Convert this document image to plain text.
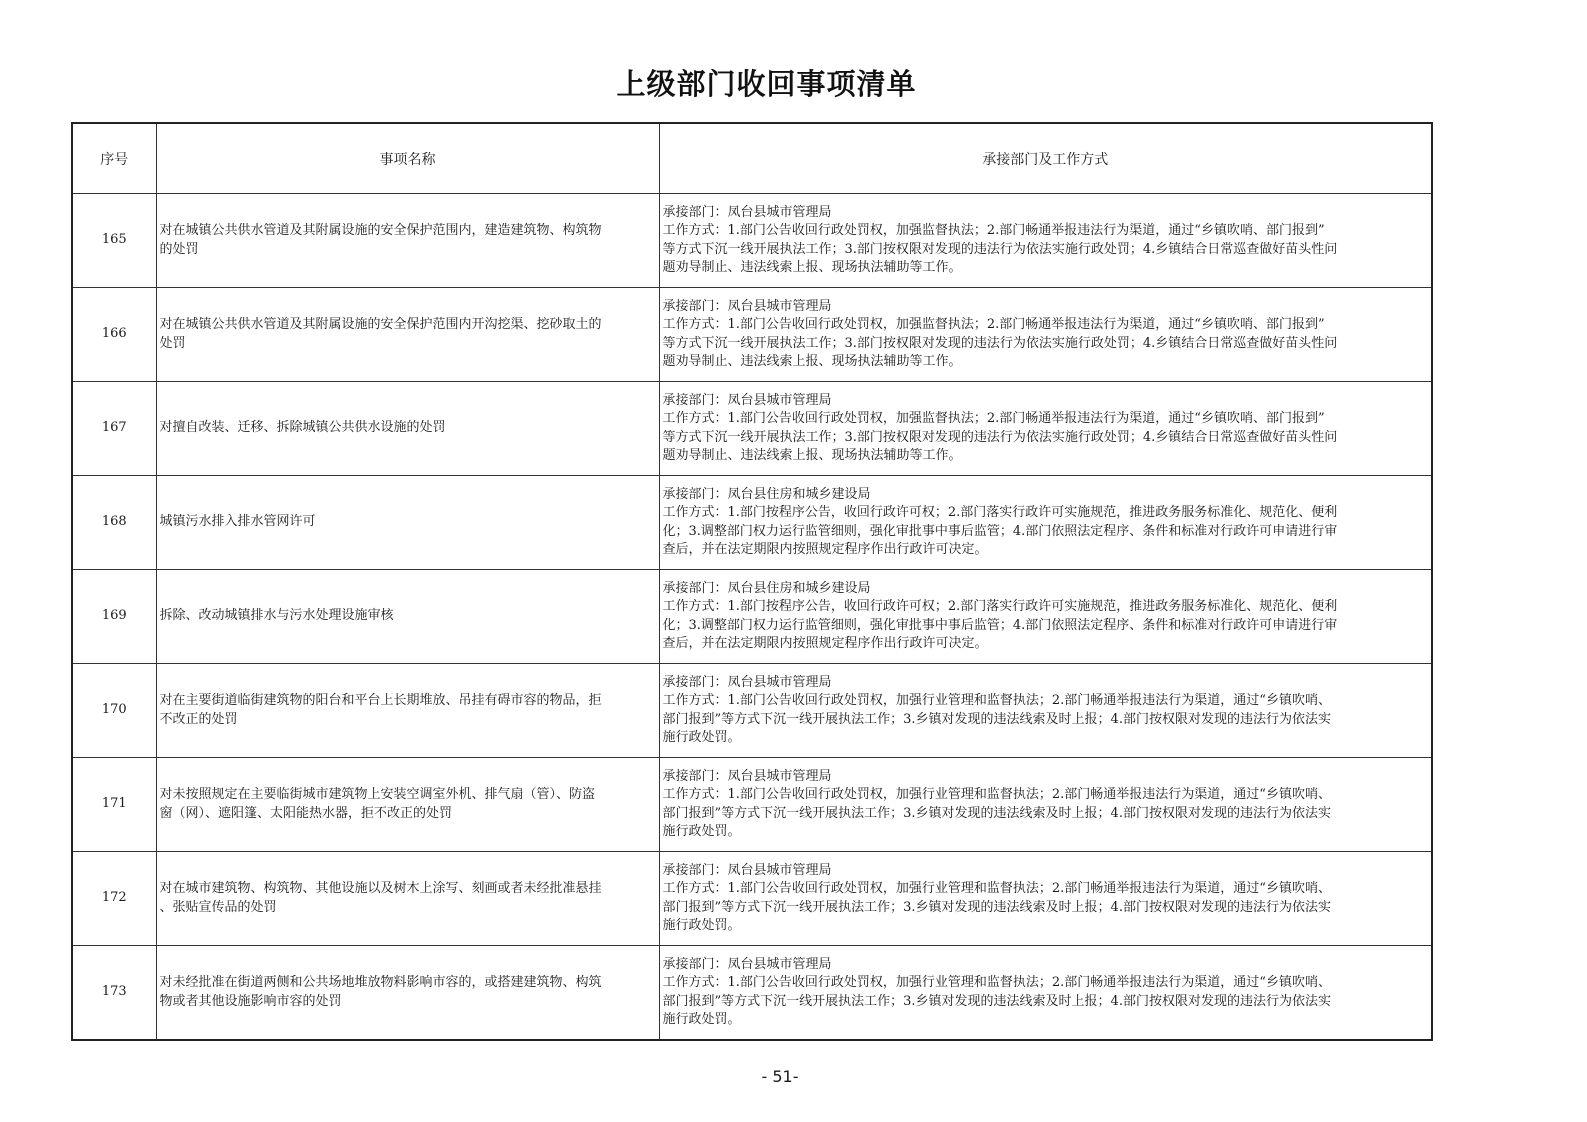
上级部门收回事项清单
序号	事项名称	承接部门及工作方式
165	对在城镇公共供水管道及其附属设施的安全保护范围内，建造建筑物、构筑物
的处罚	承接部门：凤台县城市管理局
工作方式：1.部门公告收回行政处罚权，加强监督执法；2.部门畅通举报违法行为渠道，通过“乡镇吹哨、部门报到”
等方式下沉一线开展执法工作；3.部门按权限对发现的违法行为依法实施行政处罚；4.乡镇结合日常巡查做好苗头性问
题劝导制止、违法线索上报、现场执法辅助等工作。

166	对在城镇公共供水管道及其附属设施的安全保护范围内开沟挖渠、挖砂取土的
处罚	承接部门：凤台县城市管理局
工作方式：1.部门公告收回行政处罚权，加强监督执法；2.部门畅通举报违法行为渠道，通过“乡镇吹哨、部门报到”
等方式下沉一线开展执法工作；3.部门按权限对发现的违法行为依法实施行政处罚；4.乡镇结合日常巡查做好苗头性问
题劝导制止、违法线索上报、现场执法辅助等工作。

167	对擅自改装、迁移、拆除城镇公共供水设施的处罚	承接部门：凤台县城市管理局
工作方式：1.部门公告收回行政处罚权，加强监督执法；2.部门畅通举报违法行为渠道，通过“乡镇吹哨、部门报到”
等方式下沉一线开展执法工作；3.部门按权限对发现的违法行为依法实施行政处罚；4.乡镇结合日常巡查做好苗头性问
题劝导制止、违法线索上报、现场执法辅助等工作。

168	城镇污水排入排水管网许可	承接部门：凤台县住房和城乡建设局
工作方式：1.部门按程序公告，收回行政许可权；2.部门落实行政许可实施规范，推进政务服务标准化、规范化、便利
化；3.调整部门权力运行监管细则，强化审批事中事后监管；4.部门依照法定程序、条件和标准对行政许可申请进行审
查后，并在法定期限内按照规定程序作出行政许可决定。

169	拆除、改动城镇排水与污水处理设施审核	承接部门：凤台县住房和城乡建设局
工作方式：1.部门按程序公告，收回行政许可权；2.部门落实行政许可实施规范，推进政务服务标准化、规范化、便利
化；3.调整部门权力运行监管细则，强化审批事中事后监管；4.部门依照法定程序、条件和标准对行政许可申请进行审
查后，并在法定期限内按照规定程序作出行政许可决定。

170	对在主要街道临街建筑物的阳台和平台上长期堆放、吊挂有碍市容的物品，拒
不改正的处罚	承接部门：凤台县城市管理局
工作方式：1.部门公告收回行政处罚权，加强行业管理和监督执法；2.部门畅通举报违法行为渠道，通过“乡镇吹哨、
部门报到”等方式下沉一线开展执法工作；3.乡镇对发现的违法线索及时上报；4.部门按权限对发现的违法行为依法实
施行政处罚。

171	对未按照规定在主要临街城市建筑物上安装空调室外机、排气扇（管）、防盗
窗（网）、遮阳篷、太阳能热水器，拒不改正的处罚	承接部门：凤台县城市管理局
工作方式：1.部门公告收回行政处罚权，加强行业管理和监督执法；2.部门畅通举报违法行为渠道，通过“乡镇吹哨、
部门报到”等方式下沉一线开展执法工作；3.乡镇对发现的违法线索及时上报；4.部门按权限对发现的违法行为依法实
施行政处罚。

172	对在城市建筑物、构筑物、其他设施以及树木上涂写、刻画或者未经批准悬挂
、张贴宣传品的处罚	承接部门：凤台县城市管理局
工作方式：1.部门公告收回行政处罚权，加强行业管理和监督执法；2.部门畅通举报违法行为渠道，通过“乡镇吹哨、
部门报到”等方式下沉一线开展执法工作；3.乡镇对发现的违法线索及时上报；4.部门按权限对发现的违法行为依法实
施行政处罚。

173	对未经批准在街道两侧和公共场地堆放物料影响市容的，或搭建建筑物、构筑
物或者其他设施影响市容的处罚	承接部门：凤台县城市管理局
工作方式：1.部门公告收回行政处罚权，加强行业管理和监督执法；2.部门畅通举报违法行为渠道，通过“乡镇吹哨、
部门报到”等方式下沉一线开展执法工作；3.乡镇对发现的违法线索及时上报；4.部门按权限对发现的违法行为依法实
施行政处罚。
- 51-
